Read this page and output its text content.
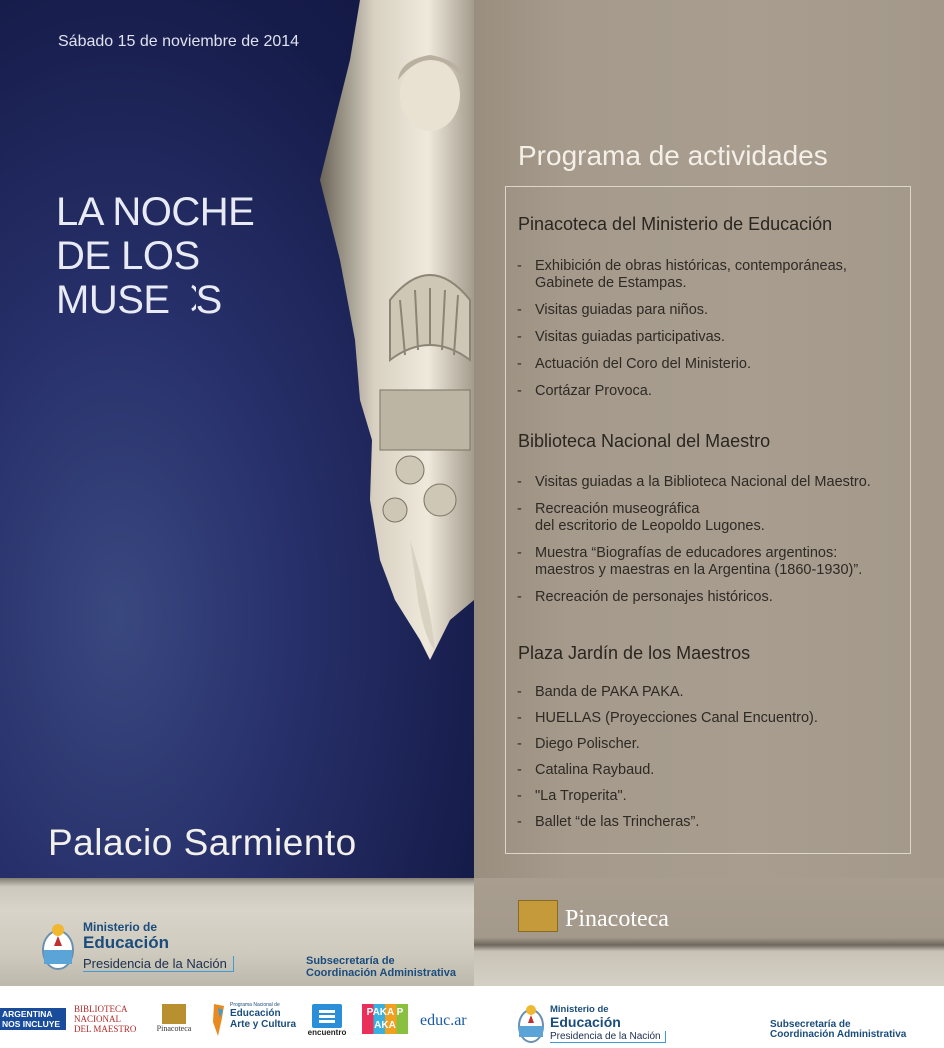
Sábado 15 de noviembre de 2014
LA NOCHE
DE LOS
MUSE S
Palacio Sarmiento
Programa de actividades
Pinacoteca del Ministerio de Educación
- Exhibición de obras históricas, contemporáneas,
Gabinete de Estampas.
- Visitas guiadas para niños.
- Visitas guiadas participativas.
- Actuación del Coro del Ministerio.
- Cortázar Provoca.
Biblioteca Nacional del Maestro
- Visitas guiadas a la Biblioteca Nacional del Maestro.
- Recreación museográfica
del escritorio de Leopoldo Lugones.
- Muestra “Biografías de educadores argentinos:
maestros y maestras en la Argentina (1860-1930)”.
- Recreación de personajes históricos.
Plaza Jardín de los Maestros
- Banda de PAKA PAKA.
- HUELLAS (Proyecciones Canal Encuentro).
- Diego Polischer.
- Catalina Raybaud.
- "La Troperita".
- Ballet “de las Trincheras”.
Pinacoteca
Ministerio de
Educación
Presidencia de la Nación	Subsecretaría de
Coordinación Administrativa
ARGENTINA
NOS INCLUYE
BIBLIOTECA NACIONAL DEL MAESTRO	Pinacoteca
Programa Nacional de
Educación
Arte y Cultura
encuentro
PAKA PAKA	educ.ar
Ministerio de
Educación
Presidencia de la Nación
Subsecretaría de
Coordinación Administrativa
